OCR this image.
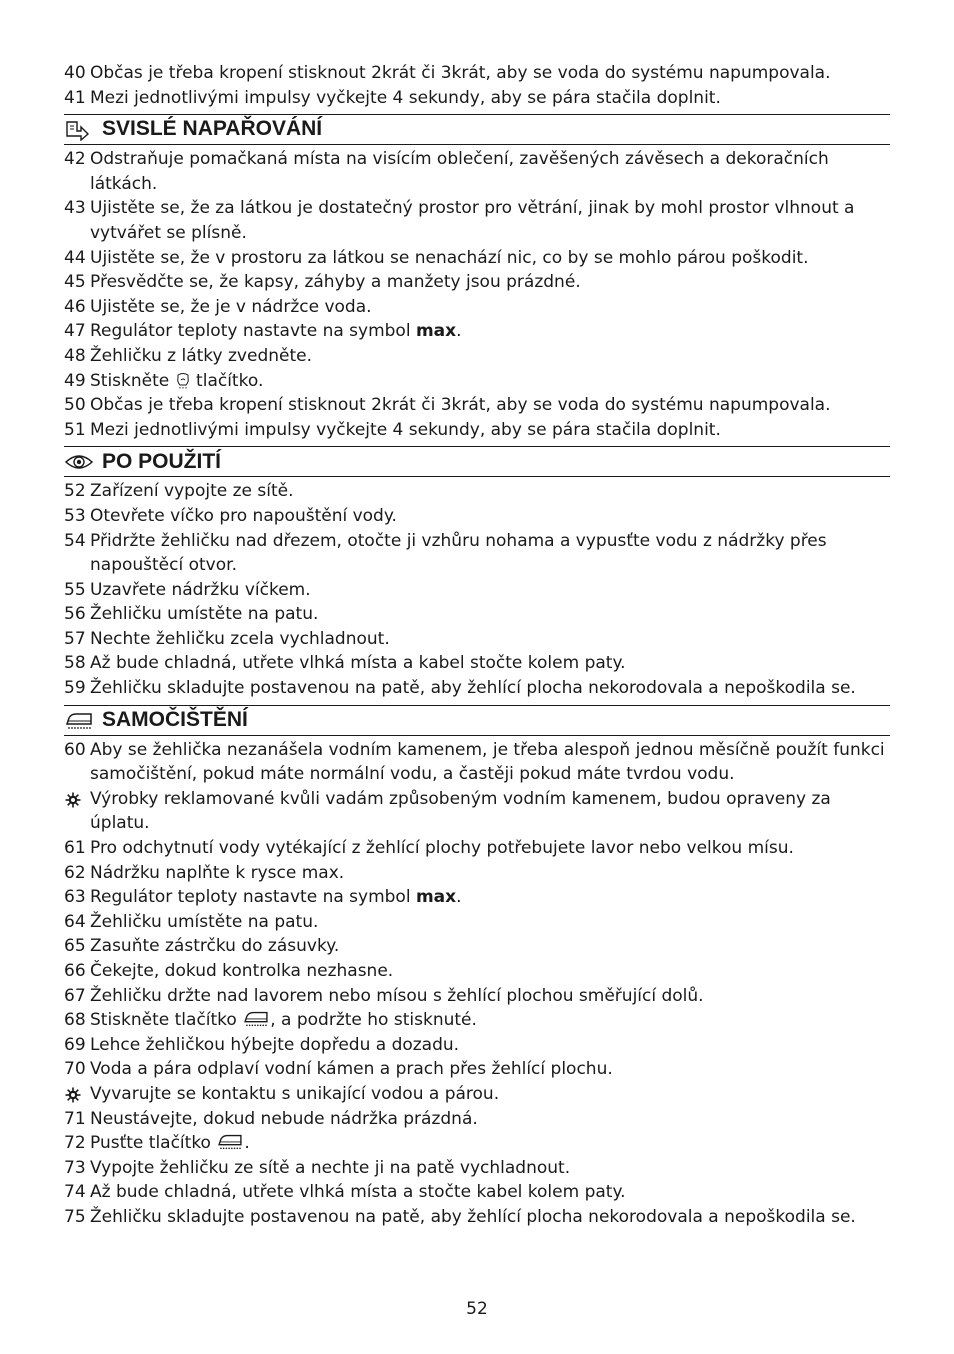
40 Občas je třeba kropení stisknout 2krát či 3krát, aby se voda do systému napumpovala.
41 Mezi jednotlivými impulsy vyčkejte 4 sekundy, aby se pára stačila doplnit.
SVISLÉ NAPAŘOVÁNÍ
42 Odstraňuje pomačkaná místa na visícím oblečení, zavěšených závěsech a dekoračních látkách.
43 Ujistěte se, že za látkou je dostatečný prostor pro větrání, jinak by mohl prostor vlhnout a vytvářet se plísně.
44 Ujistěte se, že v prostoru za látkou se nenachází nic, co by se mohlo párou poškodit.
45 Přesvědčte se, že kapsy, záhyby a manžety jsou prázdné.
46 Ujistěte se, že je v nádržce voda.
47 Regulátor teploty nastavte na symbol max.
48 Žehličku z látky zvedněte.
49 Stiskněte  tlačítko.
50 Občas je třeba kropení stisknout 2krát či 3krát, aby se voda do systému napumpovala.
51 Mezi jednotlivými impulsy vyčkejte 4 sekundy, aby se pára stačila doplnit.
PO POUŽITÍ
52 Zařízení vypojte ze sítě.
53 Otevřete víčko pro napouštění vody.
54 Přidržte žehličku nad dřezem, otočte ji vzhůru nohama a vypusťte vodu z nádržky přes napouštěcí otvor.
55 Uzavřete nádržku víčkem.
56 Žehličku umístěte na patu.
57 Nechte žehličku zcela vychladnout.
58 Až bude chladná, utřete vlhká místa a kabel stočte kolem paty.
59 Žehličku skladujte postavenou na patě, aby žehlící plocha nekorodovala a nepoškodila se.
SAMOČIŠTĚNÍ
60 Aby se žehlička nezanášela vodním kamenem, je třeba alespoň jednou měsíčně použít funkci samočištění, pokud máte normální vodu, a častěji pokud máte tvrdou vodu.
Výrobky reklamované kvůli vadám způsobeným vodním kamenem, budou opraveny za úplatu.
61 Pro odchytnutí vody vytékající z žehlící plochy potřebujete lavor nebo velkou mísu.
62 Nádržku naplňte k rysce max.
63 Regulátor teploty nastavte na symbol max.
64 Žehličku umístěte na patu.
65 Zasuňte zástrčku do zásuvky.
66 Čekejte, dokud kontrolka nezhasne.
67 Žehličku držte nad lavorem nebo mísou s žehlící plochou směřující dolů.
68 Stiskněte tlačítko , a podržte ho stisknuté.
69 Lehce žehličkou hýbejte dopředu a dozadu.
70 Voda a pára odplaví vodní kámen a prach přes žehlící plochu.
Vyvarujte se kontaktu s unikající vodou a párou.
71 Neustávejte, dokud nebude nádržka prázdná.
72 Pusťte tlačítko .
73 Vypojte žehličku ze sítě a nechte ji na patě vychladnout.
74 Až bude chladná, utřete vlhká místa a stočte kabel kolem paty.
75 Žehličku skladujte postavenou na patě, aby žehlící plocha nekorodovala a nepoškodila se.
52
